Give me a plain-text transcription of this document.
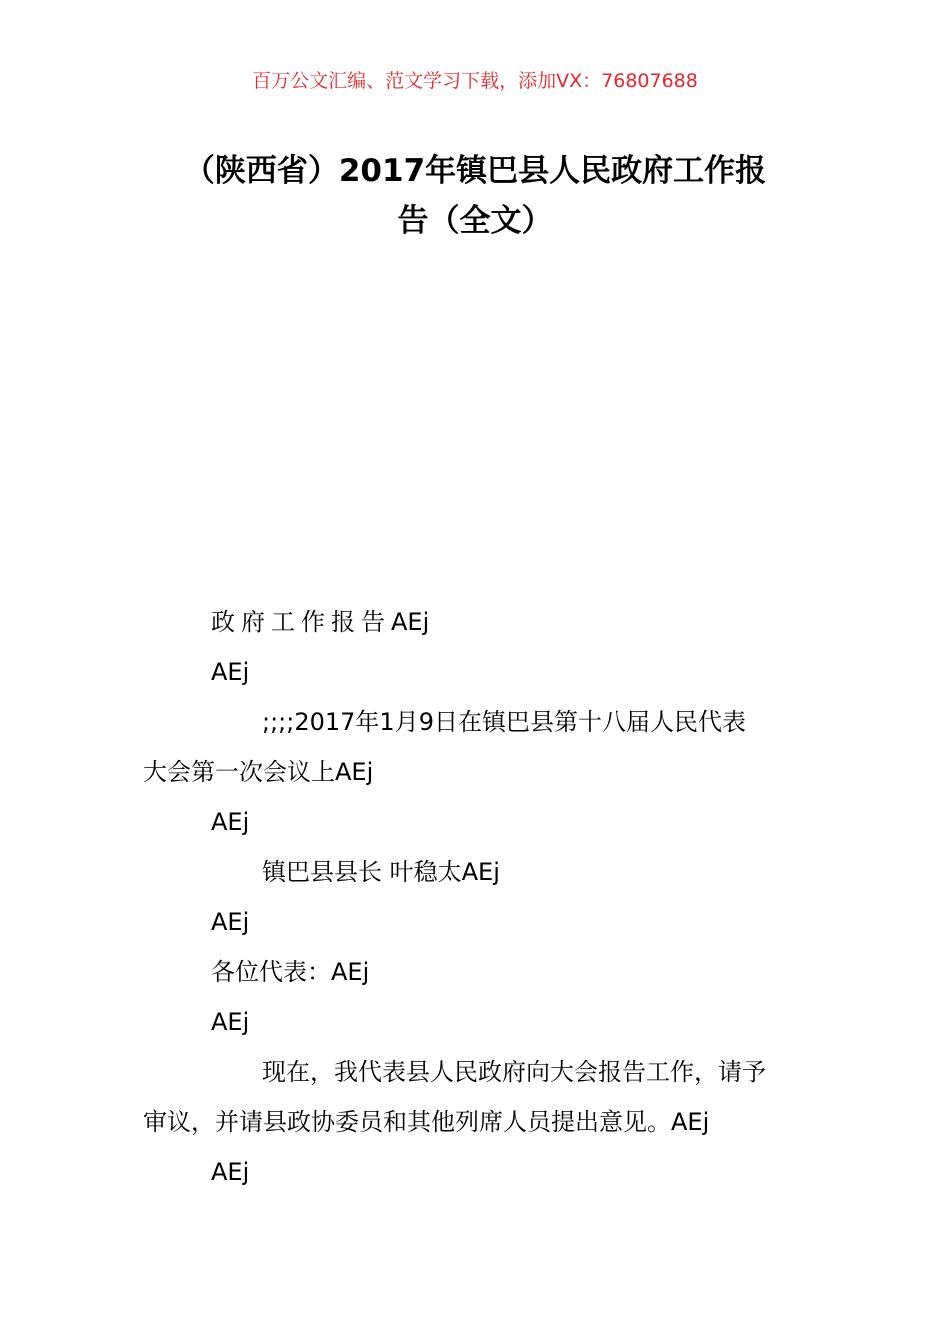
百万公文汇编、范文学习下载，添加VX：76807688
（陕西省）2017年镇巴县人民政府工作报
告（全文）
政府工作报告AEj
AEj
;;;;2017年1月9日在镇巴县第十八届人民代表
大会第一次会议上AEj
AEj
镇巴县县长 叶稳太AEj
AEj
各位代表：AEj
AEj
现在，我代表县人民政府向大会报告工作，请予
审议，并请县政协委员和其他列席人员提出意见。AEj
AEj
